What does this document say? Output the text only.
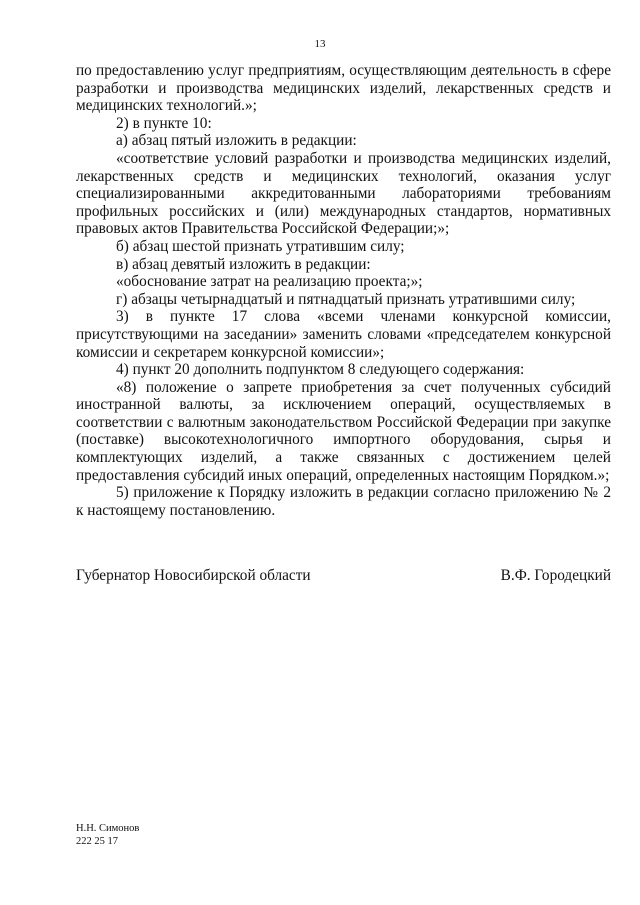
13

по предоставлению услуг предприятиям, осуществляющим деятельность в сфере разработки и производства медицинских изделий, лекарственных средств и медицинских технологий.»;

2) в пункте 10:

а) абзац пятый изложить в редакции:

«соответствие условий разработки и производства медицинских изделий, лекарственных средств и медицинских технологий, оказания услуг специализированными аккредитованными лабораториями требованиям профильных российских и (или) международных стандартов, нормативных правовых актов Правительства Российской Федерации;»;

б) абзац шестой признать утратившим силу;

в) абзац девятый изложить в редакции:

«обоснование затрат на реализацию проекта;»;

г) абзацы четырнадцатый и пятнадцатый признать утратившими силу;

3) в пункте 17 слова «всеми членами конкурсной комиссии, присутствующими на заседании» заменить словами «председателем конкурсной комиссии и секретарем конкурсной комиссии»;

4) пункт 20 дополнить подпунктом 8 следующего содержания:

«8) положение о запрете приобретения за счет полученных субсидий иностранной валюты, за исключением операций, осуществляемых в соответствии с валютным законодательством Российской Федерации при закупке (поставке) высокотехнологичного импортного оборудования, сырья и комплектующих изделий, а также связанных с достижением целей предоставления субсидий иных операций, определенных настоящим Порядком.»;

5) приложение к Порядку изложить в редакции согласно приложению № 2 к настоящему постановлению.

Губернатор Новосибирской области	В.Ф. Городецкий
Н.Н. Симонов
222 25 17
